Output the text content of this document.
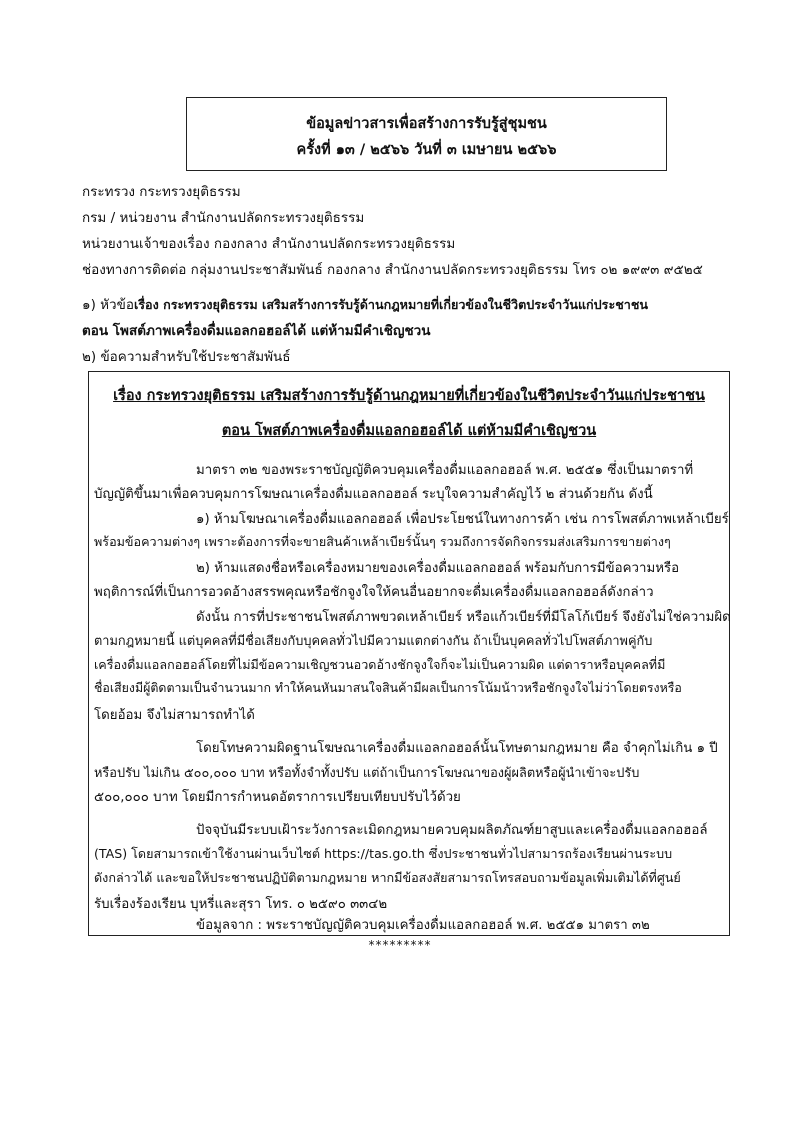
ข้อมูลข่าวสารเพื่อสร้างการรับรู้สู่ชุมชน
ครั้งที่ ๑๓ / ๒๕๖๖ วันที่ ๓ เมษายน ๒๕๖๖
กระทรวง กระทรวงยุติธรรม
กรม / หน่วยงาน สำนักงานปลัดกระทรวงยุติธรรม
หน่วยงานเจ้าของเรื่อง กองกลาง สำนักงานปลัดกระทรวงยุติธรรม
ช่องทางการติดต่อ กลุ่มงานประชาสัมพันธ์ กองกลาง สำนักงานปลัดกระทรวงยุติธรรม โทร ๐๒ ๑๙๙๓ ๙๕๒๕
๑) หัวข้อเรื่อง กระทรวงยุติธรรม เสริมสร้างการรับรู้ด้านกฎหมายที่เกี่ยวข้องในชีวิตประจำวันแก่ประชาชน
ตอน โพสต์ภาพเครื่องดื่มแอลกอฮอล์ได้ แต่ห้ามมีคำเชิญชวน
๒) ข้อความสำหรับใช้ประชาสัมพันธ์
เรื่อง กระทรวงยุติธรรม เสริมสร้างการรับรู้ด้านกฎหมายที่เกี่ยวข้องในชีวิตประจำวันแก่ประชาชน
ตอน โพสต์ภาพเครื่องดื่มแอลกอฮอล์ได้ แต่ห้ามมีคำเชิญชวน
มาตรา ๓๒ ของพระราชบัญญัติควบคุมเครื่องดื่มแอลกอฮอล์ พ.ศ. ๒๕๕๑ ซึ่งเป็นมาตราที่
บัญญัติขึ้นมาเพื่อควบคุมการโฆษณาเครื่องดื่มแอลกอฮอล์ ระบุใจความสำคัญไว้ ๒ ส่วนด้วยกัน ดังนี้
๑) ห้ามโฆษณาเครื่องดื่มแอลกอฮอล์ เพื่อประโยชน์ในทางการค้า เช่น การโพสต์ภาพเหล้าเบียร์
พร้อมข้อความต่างๆ เพราะต้องการที่จะขายสินค้าเหล้าเบียร์นั้นๆ รวมถึงการจัดกิจกรรมส่งเสริมการขายต่างๆ
๒) ห้ามแสดงชื่อหรือเครื่องหมายของเครื่องดื่มแอลกอฮอล์ พร้อมกับการมีข้อความหรือ
พฤติการณ์ที่เป็นการอวดอ้างสรรพคุณหรือชักจูงใจให้คนอื่นอยากจะดื่มเครื่องดื่มแอลกอฮอล์ดังกล่าว
ดังนั้น การที่ประชาชนโพสต์ภาพขวดเหล้าเบียร์ หรือแก้วเบียร์ที่มีโลโก้เบียร์ จึงยังไม่ใช่ความผิด
ตามกฎหมายนี้ แต่บุคคลที่มีชื่อเสียงกับบุคคลทั่วไปมีความแตกต่างกัน ถ้าเป็นบุคคลทั่วไปโพสต์ภาพคู่กับ
เครื่องดื่มแอลกอฮอล์โดยที่ไม่มีข้อความเชิญชวนอวดอ้างชักจูงใจก็จะไม่เป็นความผิด แต่ดาราหรือบุคคลที่มี
ชื่อเสียงมีผู้ติดตามเป็นจำนวนมาก ทำให้คนหันมาสนใจสินค้ามีผลเป็นการโน้มน้าวหรือชักจูงใจไม่ว่าโดยตรงหรือ
โดยอ้อม จึงไม่สามารถทำได้
โดยโทษความผิดฐานโฆษณาเครื่องดื่มแอลกอฮอล์นั้นโทษตามกฎหมาย คือ จำคุกไม่เกิน ๑ ปี
หรือปรับ ไม่เกิน ๕๐๐,๐๐๐ บาท หรือทั้งจำทั้งปรับ แต่ถ้าเป็นการโฆษณาของผู้ผลิตหรือผู้นำเข้าจะปรับ
๕๐๐,๐๐๐ บาท โดยมีการกำหนดอัตราการเปรียบเทียบปรับไว้ด้วย
ปัจจุบันมีระบบเฝ้าระวังการละเมิดกฎหมายควบคุมผลิตภัณฑ์ยาสูบและเครื่องดื่มแอลกอฮอล์
(TAS) โดยสามารถเข้าใช้งานผ่านเว็บไซต์ https://tas.go.th ซึ่งประชาชนทั่วไปสามารถร้องเรียนผ่านระบบ
ดังกล่าวได้ และขอให้ประชาชนปฏิบัติตามกฎหมาย หากมีข้อสงสัยสามารถโทรสอบถามข้อมูลเพิ่มเติมได้ที่ศูนย์
รับเรื่องร้องเรียน บุหรี่และสุรา โทร. ๐ ๒๕๙๐ ๓๓๔๒
ข้อมูลจาก : พระราชบัญญัติควบคุมเครื่องดื่มแอลกอฮอล์ พ.ศ. ๒๕๕๑ มาตรา ๓๒
*********
